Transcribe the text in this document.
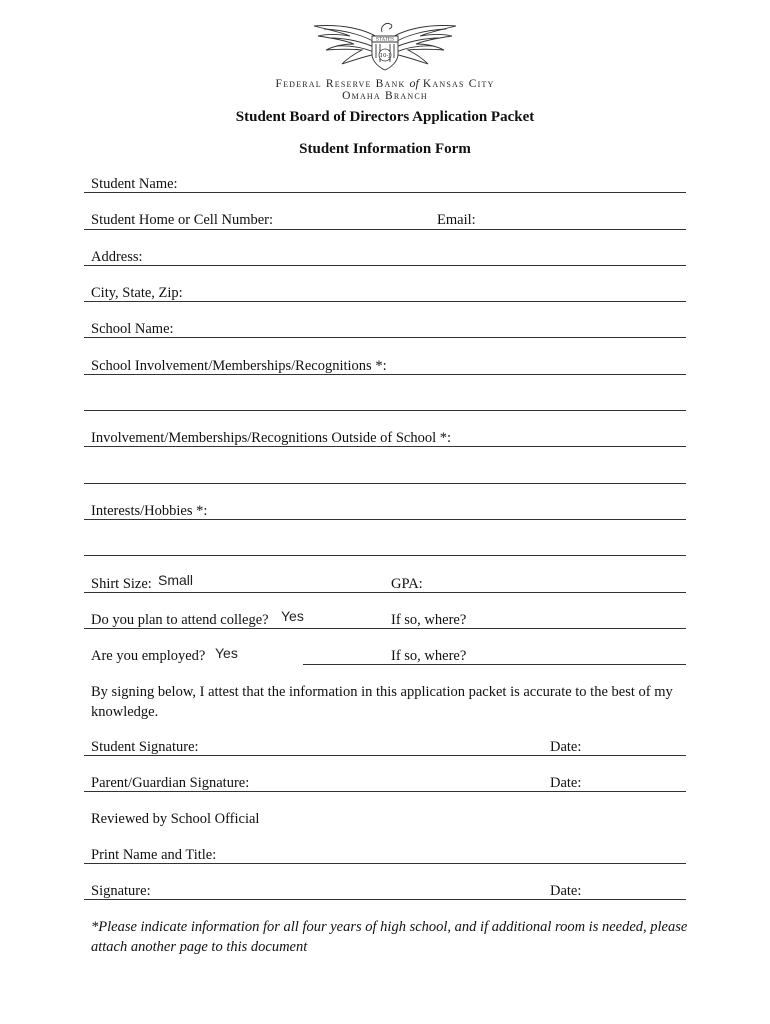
STATES
10-J
Federal Reserve Bank of Kansas City
Omaha Branch
Student Board of Directors Application Packet
Student Information Form
Student Name:
Student Home or Cell Number:	Email:
Address:
City, State, Zip:
School Name:
School Involvement/Memberships/Recognitions *:
Involvement/Memberships/Recognitions Outside of School *:
Interests/Hobbies *:
Shirt Size: Small	GPA:
Do you plan to attend college? Yes	If so, where?
Are you employed? Yes	If so, where?
By signing below, I attest that the information in this application packet is accurate to the best of my knowledge.
Student Signature:	Date:
Parent/Guardian Signature:	Date:
Reviewed by School Official
Print Name and Title:
Signature:	Date:
*Please indicate information for all four years of high school, and if additional room is needed, please attach another page to this document
